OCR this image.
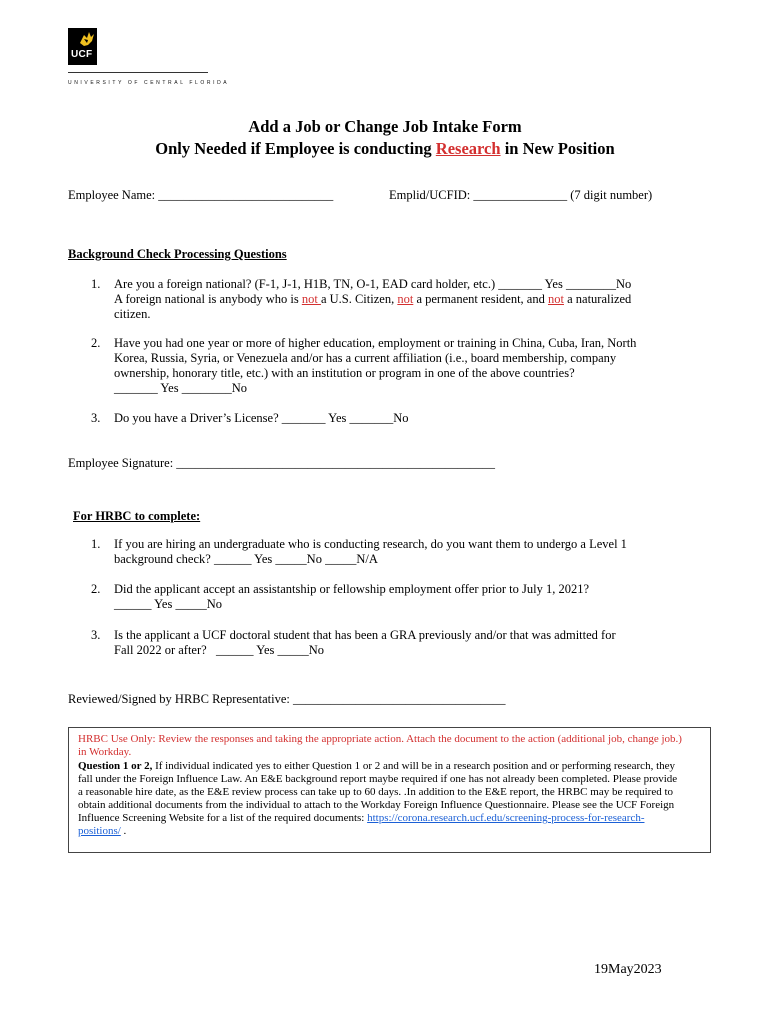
UCF
UNIVERSITY OF CENTRAL FLORIDA
Add a Job or Change Job Intake Form
Only Needed if Employee is conducting Research in New Position
Employee Name: ____________________________	Emplid/UCFID: _______________ (7 digit number)
Background Check Processing Questions
1. Are you a foreign national? (F-1, J-1, H1B, TN, O-1, EAD card holder, etc.) _______ Yes ________No
A foreign national is anybody who is not a U.S. Citizen, not a permanent resident, and not a naturalized
citizen.
2. Have you had one year or more of higher education, employment or training in China, Cuba, Iran, North
Korea, Russia, Syria, or Venezuela and/or has a current affiliation (i.e., board membership, company
ownership, honorary title, etc.) with an institution or program in one of the above countries?
_______ Yes ________No
3. Do you have a Driver’s License? _______ Yes _______No
Employee Signature: ___________________________________________________
For HRBC to complete:
1. If you are hiring an undergraduate who is conducting research, do you want them to undergo a Level 1
background check? ______ Yes _____No _____N/A
2. Did the applicant accept an assistantship or fellowship employment offer prior to July 1, 2021?
______ Yes _____No
3. Is the applicant a UCF doctoral student that has been a GRA previously and/or that was admitted for
Fall 2022 or after?   ______ Yes _____No
Reviewed/Signed by HRBC Representative: __________________________________
HRBC Use Only: Review the responses and taking the appropriate action. Attach the document to the action (additional job, change job.)
in Workday.
Question 1 or 2, If individual indicated yes to either Question 1 or 2 and will be in a research position and or performing research, they
fall under the Foreign Influence Law. An E&E background report maybe required if one has not already been completed. Please provide
a reasonable hire date, as the E&E review process can take up to 60 days. .In addition to the E&E report, the HRBC may be required to
obtain additional documents from the individual to attach to the Workday Foreign Influence Questionnaire. Please see the UCF Foreign
Influence Screening Website for a list of the required documents: https://corona.research.ucf.edu/screening-process-for-research-
positions/ .
19May2023
